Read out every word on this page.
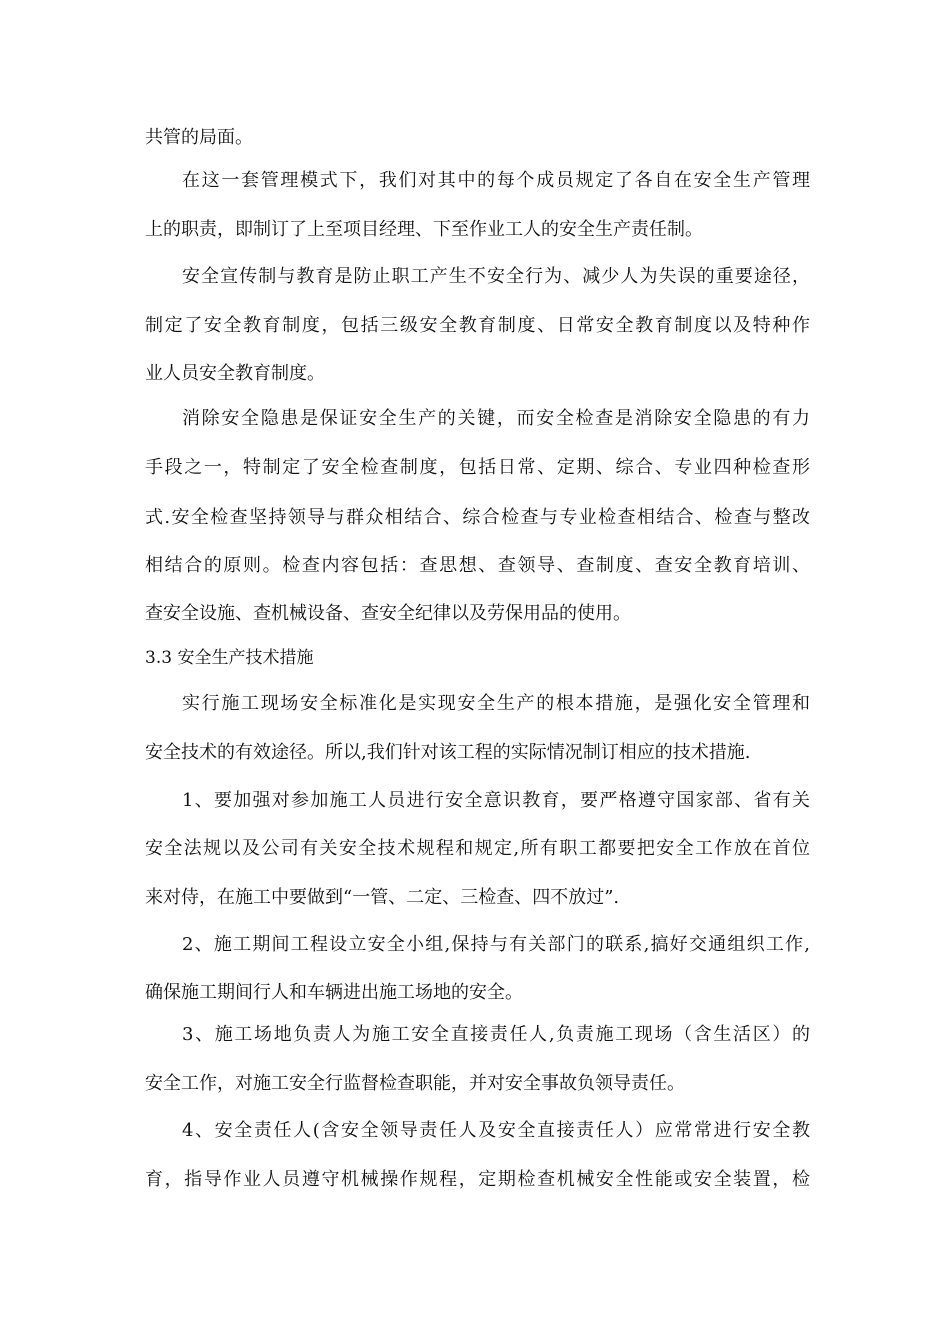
共管的局面。
在这一套管理模式下，我们对其中的每个成员规定了各自在安全生产管理
上的职责，即制订了上至项目经理、下至作业工人的安全生产责任制。
安全宣传制与教育是防止职工产生不安全行为、减少人为失误的重要途径，
制定了安全教育制度，包括三级安全教育制度、日常安全教育制度以及特种作
业人员安全教育制度。
消除安全隐患是保证安全生产的关键，而安全检查是消除安全隐患的有力
手段之一，特制定了安全检查制度，包括日常、定期、综合、专业四种检查形
式.安全检查坚持领导与群众相结合、综合检查与专业检查相结合、检查与整改
相结合的原则。检查内容包括：查思想、查领导、查制度、查安全教育培训、
查安全设施、查机械设备、查安全纪律以及劳保用品的使用。
3.3 安全生产技术措施
实行施工现场安全标准化是实现安全生产的根本措施，是强化安全管理和
安全技术的有效途径。所以,我们针对该工程的实际情况制订相应的技术措施.
1、要加强对参加施工人员进行安全意识教育，要严格遵守国家部、省有关
安全法规以及公司有关安全技术规程和规定,所有职工都要把安全工作放在首位
来对侍，在施工中要做到“一管、二定、三检查、四不放过”.
2、施工期间工程设立安全小组,保持与有关部门的联系,搞好交通组织工作,
确保施工期间行人和车辆进出施工场地的安全。
3、施工场地负责人为施工安全直接责任人,负责施工现场（含生活区）的
安全工作，对施工安全行监督检查职能，并对安全事故负领导责任。
4、安全责任人(含安全领导责任人及安全直接责任人）应常常进行安全教
育，指导作业人员遵守机械操作规程，定期检查机械安全性能或安全装置，检
